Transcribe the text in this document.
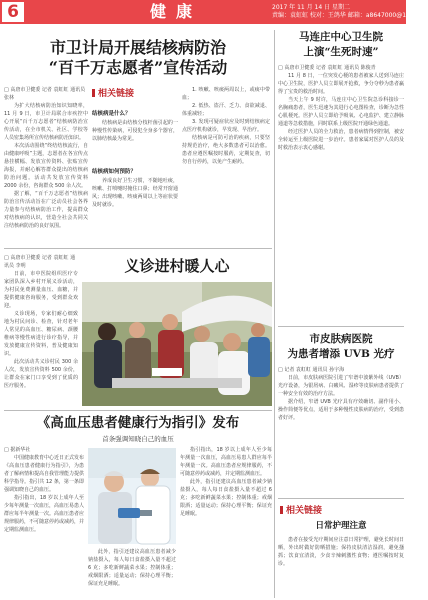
6	健康	2017 年 11 月 14 日 星期二
责编：袁虹虹 校对：王鸽华 邮箱：a8647000@163.com
市卫计局开展结核病防治
“百千万志愿者”宣传活动
□ 高唐市卫健委 记者 袁虹虹 通讯员 张林

为扩大结核病防治知识知晓率，11 月 9 日，市卫计局联合市疾控中心开展“百千万志愿者”结核病防治宣传活动，在全市机关、社区、学校等人员密集场所宣传结核病防治知识。

本次活动围绕“终结结核流行，自由健康呼吸”主题，志愿者在各宣传点悬挂横幅、发放宣传资料、张贴宣传海报，并耐心解答群众提出的结核病防治问题。活动共发放宣传资料 2000 余份，咨询群众 500 余人次。

据了解，“百千万志愿者”结核病防治宣传活动旨在广泛动员社会各界力量参与结核病防治工作，提高群众对结核病的认识，营造全社会共同关注结核病防治的良好氛围。

相关链接
结核病是什么？

结核病是由结核分枝杆菌引起的一种慢性传染病，可侵犯全身多个器官，以肺结核最为常见。

结核病如何预防？

养成良好卫生习惯，不随地吐痰，咳嗽、打喷嚏时掩住口鼻；经常开窗通风；出现咳嗽、咳痰两周以上等症状要及时就诊。

1. 咳嗽、咳痰两周以上，或痰中带血；

2. 低热、盗汗、乏力、食欲减退、体重减轻；

3. 发现可疑症状应及时到结核病定点医疗机构就诊，早发现、早治疗。

结核病是可防可治的疾病，只要坚持规范治疗，绝大多数患者可以治愈。患者应遵医嘱按时服药，定期复查，切勿自行停药，以免产生耐药。

□ 高唐市卫健委 记者 袁虹虹 通讯员 李明

日前，市中医院组织医疗专家团队深入乡村开展义诊活动，为村民免费测量血压、血糖，并提供健康咨询服务，受到群众欢迎。

义诊现场，专家们耐心细致地为村民问诊、检查，针对老年人常见的高血压、糖尿病、颈腰椎病等慢性病进行诊疗指导，并发放健康宣传资料，普及健康知识。

此次活动共义诊村民 300 余人次，发放宣传资料 500 余份，让群众在家门口享受到了优质的医疗服务。

义诊进村暖人心
《高血压患者健康行为指引》发布
首条强调知晓自己的血压
□ 据新华社

中国健康教育中心近日正式发布《高血压患者健康行为指引》，为患者了解病情和提高自我管理能力提供科学指导。指引共 12 条，第一条即强调知晓自己的血压。

指引指出，18 岁以上成年人至少每年测量一次血压，高血压易患人群应每半年测量一次。高血压患者应规律服药，不可随意停药或减药，并定期监测血压。

此外，指引还建议高血压患者减少钠盐摄入，每人每日食盐摄入量不超过 6 克；多吃新鲜蔬菜水果；控制体重；戒烟限酒；适量运动；保持心理平衡；保证充足睡眠。

指引指出，18 岁以上成年人至少每年测量一次血压，高血压易患人群应每半年测量一次。高血压患者应规律服药，不可随意停药或减药，并定期监测血压。

此外，指引还建议高血压患者减少钠盐摄入，每人每日食盐摄入量不超过 6 克；多吃新鲜蔬菜水果；控制体重；戒烟限酒；适量运动；保持心理平衡；保证充足睡眠。

马连庄中心卫生院
上演“生死时速”
□ 高唐市卫健委 记者 袁虹虹 通讯员 陈俊青

11 月 8 日，一位突发心梗的患者被家人送到马连庄中心卫生院，医护人员立即展开抢救，争分夺秒为患者赢得了宝贵的救治时间。

当天上午 9 时许，马连庄中心卫生院急诊科接诊一名胸痛患者，医生迅速为其进行心电图检查，诊断为急性心肌梗死。医护人员立即给予吸氧、心电监护、建立静脉通道等急救措施，同时联系上级医院开通绿色通道。

经过医护人员的全力救治，患者病情得到控制，被安全转运至上级医院进一步治疗。患者家属对医护人员的及时救治表示衷心感谢。

市皮肤病医院
为患者增添 UVB 光疗
□ 记者 袁虹虹 通讯员 孙宇海

日前，市皮肤病医院引进了窄谱中波紫外线（UVB）光疗设备，为银屑病、白癜风、湿疹等皮肤病患者提供了一种安全有效的治疗方法。

据介绍，窄谱 UVB 光疗具有疗效确切、副作用小、操作简便等优点，适用于多种慢性皮肤病的治疗，受到患者好评。

相关链接
日常护理注意

患者在接受光疗期间应注意日常护理，避免长时间日晒，外出时做好防晒措施；保持皮肤清洁湿润，避免搔抓；饮食宜清淡，少食辛辣刺激性食物；遵医嘱按时复诊。
